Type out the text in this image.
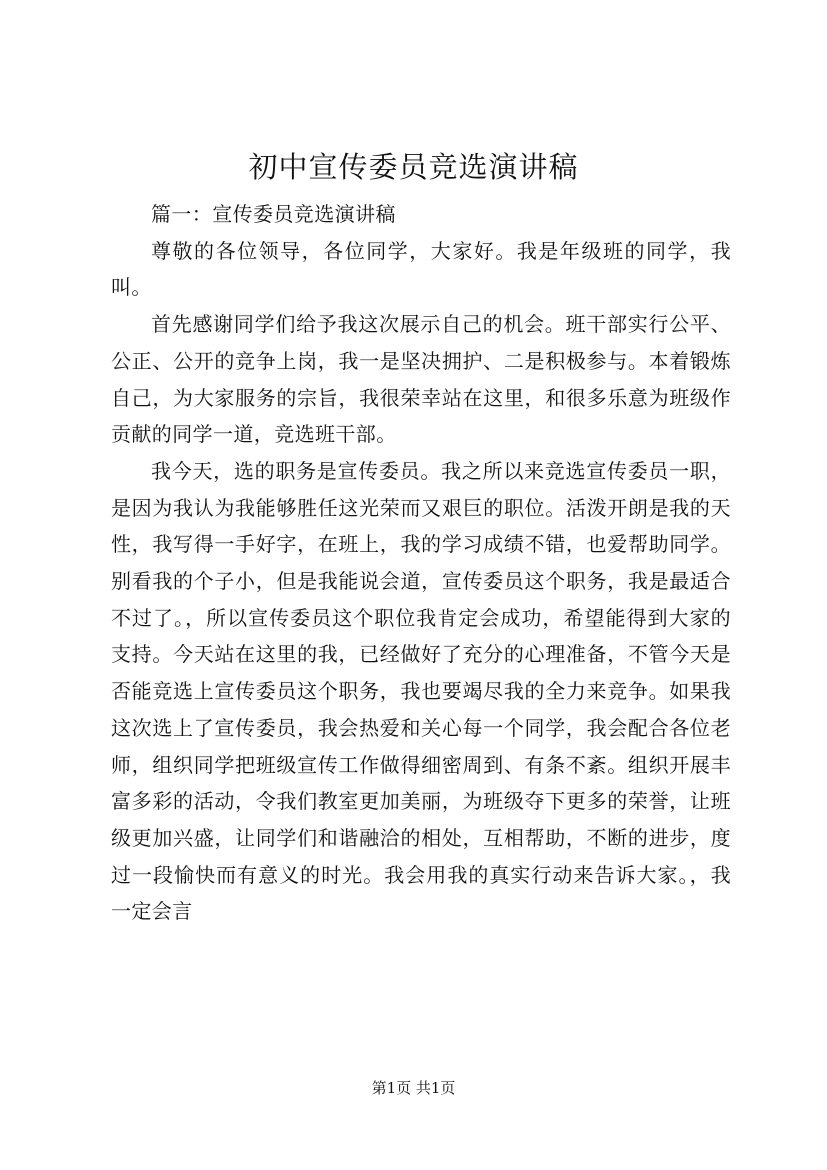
初中宣传委员竞选演讲稿

篇一：宣传委员竞选演讲稿

尊敬的各位领导，各位同学，大家好。我是年级班的同学，我叫。

首先感谢同学们给予我这次展示自己的机会。班干部实行公平、公正、公开的竞争上岗，我一是坚决拥护、二是积极参与。本着锻炼自己，为大家服务的宗旨，我很荣幸站在这里，和很多乐意为班级作贡献的同学一道，竞选班干部。

我今天，选的职务是宣传委员。我之所以来竞选宣传委员一职，是因为我认为我能够胜任这光荣而又艰巨的职位。活泼开朗是我的天性，我写得一手好字，在班上，我的学习成绩不错，也爱帮助同学。别看我的个子小，但是我能说会道，宣传委员这个职务，我是最适合不过了。，所以宣传委员这个职位我肯定会成功，希望能得到大家的支持。今天站在这里的我，已经做好了充分的心理准备，不管今天是否能竞选上宣传委员这个职务，我也要竭尽我的全力来竞争。如果我这次选上了宣传委员，我会热爱和关心每一个同学，我会配合各位老师，组织同学把班级宣传工作做得细密周到、有条不紊。组织开展丰富多彩的活动，令我们教室更加美丽，为班级夺下更多的荣誉，让班级更加兴盛，让同学们和谐融洽的相处，互相帮助，不断的进步，度过一段愉快而有意义的时光。我会用我的真实行动来告诉大家。，我一定会言

第1页 共1页
